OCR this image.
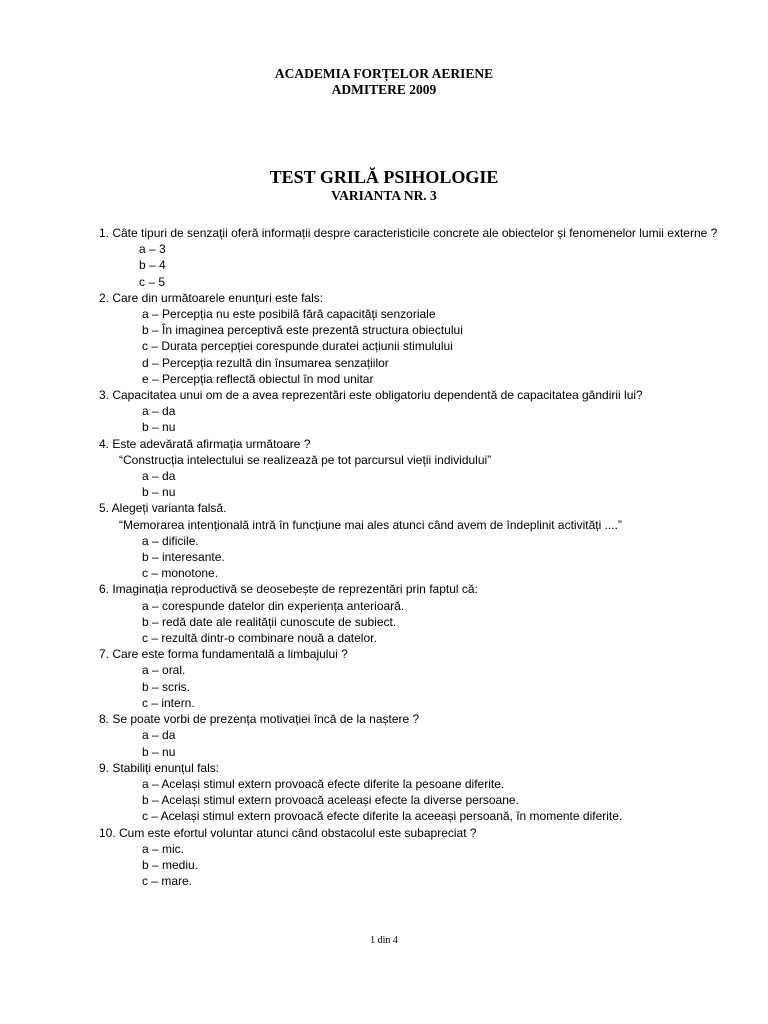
ACADEMIA FORȚELOR AERIENE
ADMITERE 2009
TEST GRILĂ PSIHOLOGIE
VARIANTA NR. 3
1. Câte tipuri de senzații oferă informații despre caracteristicile concrete ale obiectelor și fenomenelor lumii externe ?
a – 3
b – 4
c – 5
2. Care din următoarele enunțuri este fals:
a – Percepția nu este posibilă fără capacități senzoriale
b – În imaginea perceptivă este prezentă structura obiectului
c – Durata percepției corespunde duratei acțiunii stimulului
d – Percepția rezultă din însumarea senzațiilor
e – Percepția reflectă obiectul în mod unitar
3. Capacitatea unui om de a avea reprezentări este obligatoriu dependentă de capacitatea gândirii lui?
a – da
b – nu
4. Este adevărată afirmația următoare ?
“Construcția intelectului se realizează pe tot parcursul vieții individului”
a – da
b – nu
5. Alegeți varianta falsă.
“Memorarea intențională intră în funcțiune mai ales atunci când avem de îndeplinit activități ....”
a – dificile.
b – interesante.
c – monotone.
6. Imaginația reproductivă se deosebește de reprezentări prin faptul că:
a – corespunde datelor din experiența anterioară.
b – redă date ale realității cunoscute de subiect.
c – rezultă dintr-o combinare nouă a datelor.
7. Care este forma fundamentală a limbajului ?
a – oral.
b – scris.
c – intern.
8. Se poate vorbi de prezența motivației încă de la naștere ?
a – da
b – nu
9. Stabiliți enunțul fals:
a – Același stimul extern provoacă efecte diferite la pesoane diferite.
b – Același stimul extern provoacă aceleași efecte la diverse persoane.
c – Același stimul extern provoacă efecte diferite la aceeași persoană, în momente diferite.
10. Cum este efortul voluntar atunci când obstacolul este subapreciat ?
a – mic.
b – mediu.
c – mare.
1 din 4
